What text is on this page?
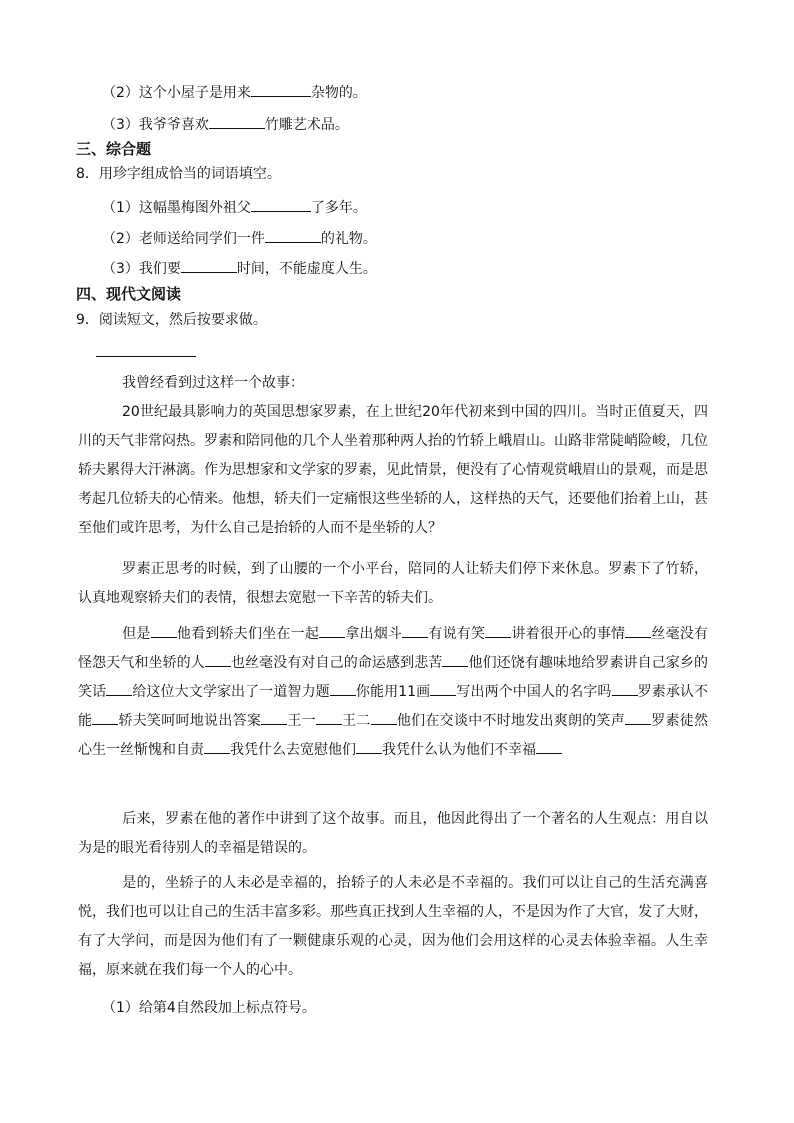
（2）这个小屋子是用来	杂物的。
（3）我爷爷喜欢	竹雕艺术品。
三、综合题
8．用珍字组成恰当的词语填空。
（1）这幅墨梅图外祖父	了多年。
（2）老师送给同学们一件	的礼物。
（3）我们要	时间，不能虚度人生。
四、现代文阅读
9．阅读短文，然后按要求做。
我曾经看到过这样一个故事：
20世纪最具影响力的英国思想家罗素，在上世纪20年代初来到中国的四川。当时正值夏天，四川的天气非常闷热。罗素和陪同他的几个人坐着那种两人抬的竹轿上峨眉山。山路非常陡峭险峻，几位轿夫累得大汗淋漓。作为思想家和文学家的罗素，见此情景，便没有了心情观赏峨眉山的景观，而是思考起几位轿夫的心情来。他想，轿夫们一定痛恨这些坐轿的人，这样热的天气，还要他们抬着上山，甚至他们或许思考，为什么自己是抬轿的人而不是坐轿的人？
罗素正思考的时候，到了山腰的一个小平台，陪同的人让轿夫们停下来休息。罗素下了竹轿，认真地观察轿夫们的表情，很想去宽慰一下辛苦的轿夫们。
但是 他看到轿夫们坐在一起 拿出烟斗 有说有笑 讲着很开心的事情 丝毫没有怪怨天气和坐轿的人 也丝毫没有对自己的命运感到悲苦 他们还饶有趣味地给罗素讲自己家乡的笑话 给这位大文学家出了一道智力题 你能用11画 写出两个中国人的名字吗 罗素承认不能 轿夫笑呵呵地说出答案 王一 王二 他们在交谈中不时地发出爽朗的笑声 罗素徒然心生一丝惭愧和自责 我凭什么去宽慰他们 我凭什么认为他们不幸福
后来，罗素在他的著作中讲到了这个故事。而且，他因此得出了一个著名的人生观点：用自以为是的眼光看待别人的幸福是错误的。
是的，坐轿子的人未必是幸福的，抬轿子的人未必是不幸福的。我们可以让自己的生活充满喜悦，我们也可以让自己的生活丰富多彩。那些真正找到人生幸福的人，不是因为作了大官，发了大财，有了大学问，而是因为他们有了一颗健康乐观的心灵，因为他们会用这样的心灵去体验幸福。人生幸福，原来就在我们每一个人的心中。
（1）给第4自然段加上标点符号。
